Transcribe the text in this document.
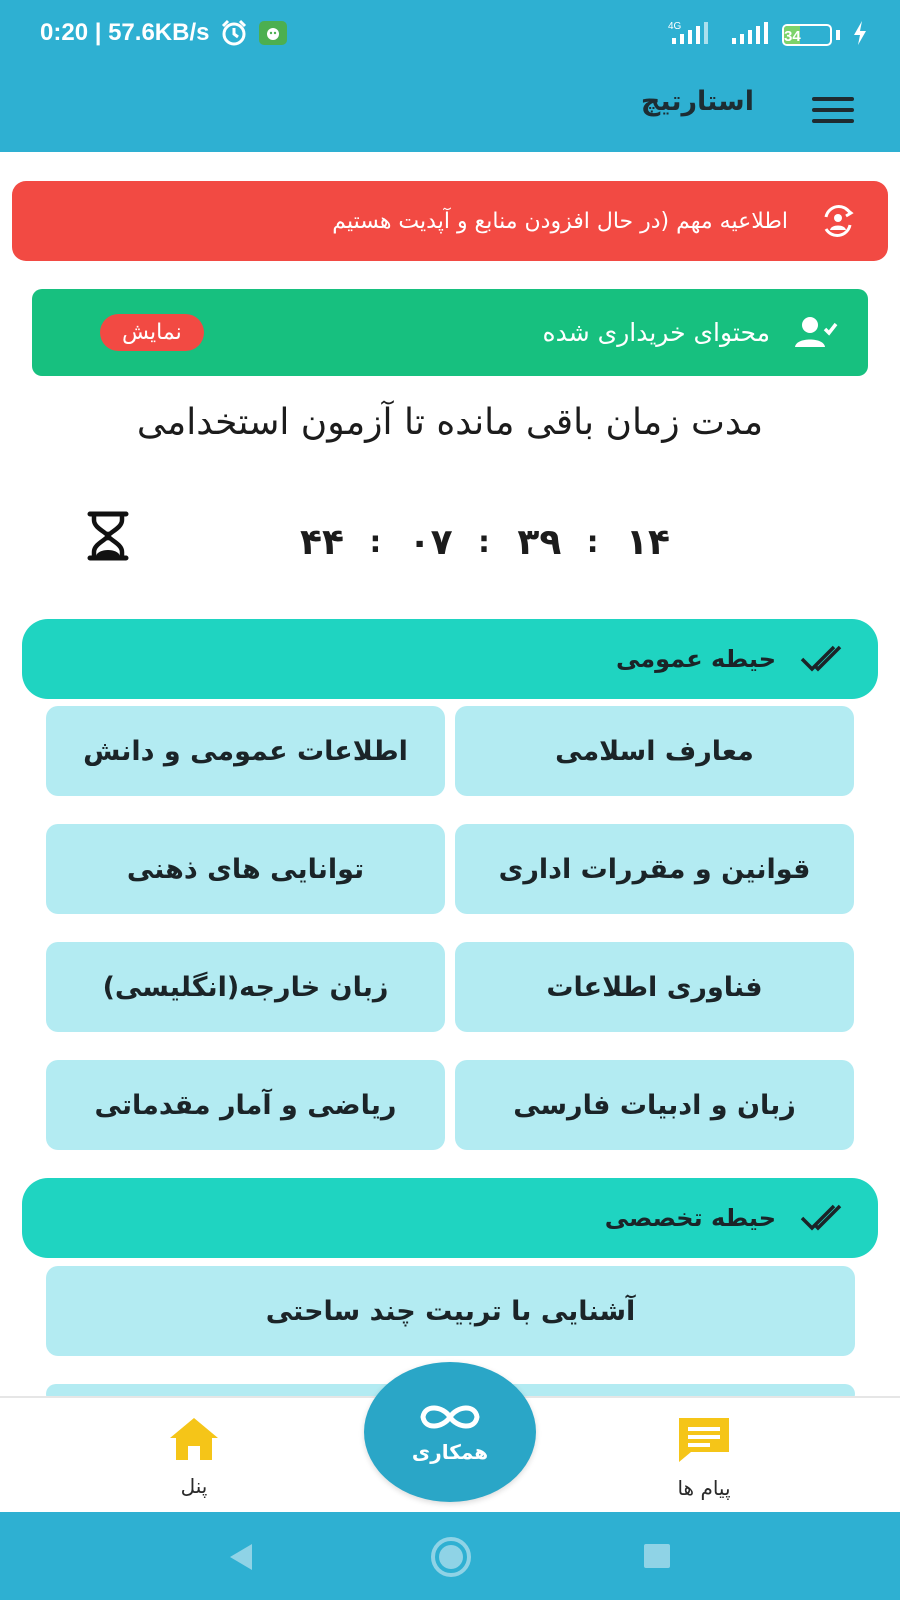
0:20 | 57.6KB/s	4G
34
استارتیچ
اطلاعیه مهم (در حال افزودن منابع و آپدیت هستیم
محتوای خریداری شده
نمایش
مدت زمان باقی مانده تا آزمون استخدامی
۴۴ : ۰۷ : ۳۹ : ۱۴
حیطه عمومی
معارف اسلامی
اطلاعات عمومی و دانش
قوانین و مقررات اداری
توانایی های ذهنی
فناوری اطلاعات
زبان خارجه(انگلیسی)
زبان و ادبیات فارسی
ریاضی و آمار مقدماتی
حیطه تخصصی
آشنایی با تربیت چند ساحتی
پیام ها
پنل
همکاری
